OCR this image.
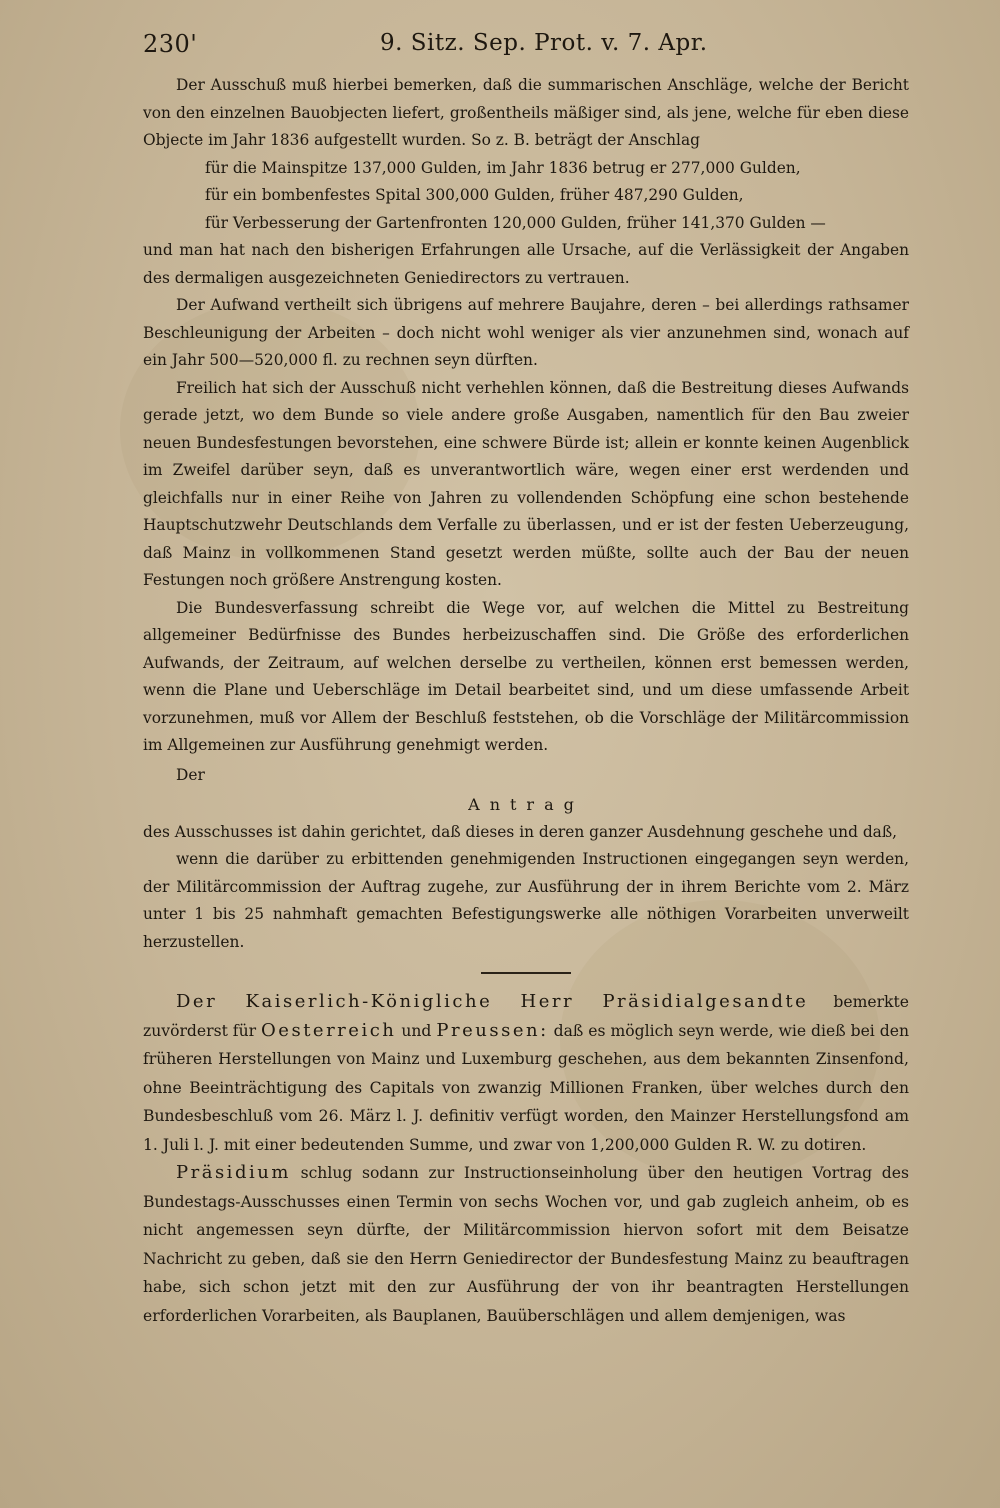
230'	9. Sitz. Sep. Prot. v. 7. Apr.

Der Ausschuß muß hierbei bemerken, daß die summarischen Anschläge, welche der Bericht von den einzelnen Bauobjecten liefert, großentheils mäßiger sind, als jene, welche für eben diese Objecte im Jahr 1836 aufgestellt wurden. So z. B. beträgt der Anschlag

für die Mainspitze 137,000 Gulden, im Jahr 1836 betrug er 277,000 Gulden,

für ein bombenfestes Spital 300,000 Gulden, früher 487,290 Gulden,

für Verbesserung der Gartenfronten 120,000 Gulden, früher 141,370 Gulden —

und man hat nach den bisherigen Erfahrungen alle Ursache, auf die Verlässigkeit der Angaben des dermaligen ausgezeichneten Geniedirectors zu vertrauen.

Der Aufwand vertheilt sich übrigens auf mehrere Baujahre, deren – bei allerdings rathsamer Beschleunigung der Arbeiten – doch nicht wohl weniger als vier anzunehmen sind, wonach auf ein Jahr 500—520,000 fl. zu rechnen seyn dürften.

Freilich hat sich der Ausschuß nicht verhehlen können, daß die Bestreitung dieses Aufwands gerade jetzt, wo dem Bunde so viele andere große Ausgaben, namentlich für den Bau zweier neuen Bundesfestungen bevorstehen, eine schwere Bürde ist; allein er konnte keinen Augenblick im Zweifel darüber seyn, daß es unverantwortlich wäre, wegen einer erst werdenden und gleichfalls nur in einer Reihe von Jahren zu vollendenden Schöpfung eine schon bestehende Hauptschutzwehr Deutschlands dem Verfalle zu überlassen, und er ist der festen Ueberzeugung, daß Mainz in vollkommenen Stand gesetzt werden müßte, sollte auch der Bau der neuen Festungen noch größere Anstrengung kosten.

Die Bundesverfassung schreibt die Wege vor, auf welchen die Mittel zu Bestreitung allgemeiner Bedürfnisse des Bundes herbeizuschaffen sind. Die Größe des erforderlichen Aufwands, der Zeitraum, auf welchen derselbe zu vertheilen, können erst bemessen werden, wenn die Plane und Ueberschläge im Detail bearbeitet sind, und um diese umfassende Arbeit vorzunehmen, muß vor Allem der Beschluß feststehen, ob die Vorschläge der Militärcommission im Allgemeinen zur Ausführung genehmigt werden.

Der

Antrag

des Ausschusses ist dahin gerichtet, daß dieses in deren ganzer Ausdehnung geschehe und daß,

wenn die darüber zu erbittenden genehmigenden Instructionen eingegangen seyn werden, der Militärcommission der Auftrag zugehe, zur Ausführung der in ihrem Berichte vom 2. März unter 1 bis 25 nahmhaft gemachten Befestigungswerke alle nöthigen Vorarbeiten unverweilt herzustellen.

Der Kaiserlich-Königliche Herr Präsidialgesandte bemerkte zuvörderst für Oesterreich und Preussen: daß es möglich seyn werde, wie dieß bei den früheren Herstellungen von Mainz und Luxemburg geschehen, aus dem bekannten Zinsenfond, ohne Beeinträchtigung des Capitals von zwanzig Millionen Franken, über welches durch den Bundesbeschluß vom 26. März l. J. definitiv verfügt worden, den Mainzer Herstellungsfond am 1. Juli l. J. mit einer bedeutenden Summe, und zwar von 1,200,000 Gulden R. W. zu dotiren.

Präsidium schlug sodann zur Instructionseinholung über den heutigen Vortrag des Bundestags-Ausschusses einen Termin von sechs Wochen vor, und gab zugleich anheim, ob es nicht angemessen seyn dürfte, der Militärcommission hiervon sofort mit dem Beisatze Nachricht zu geben, daß sie den Herrn Geniedirector der Bundesfestung Mainz zu beauftragen habe, sich schon jetzt mit den zur Ausführung der von ihr beantragten Herstellungen erforderlichen Vorarbeiten, als Bauplanen, Bauüberschlägen und allem demjenigen, was
